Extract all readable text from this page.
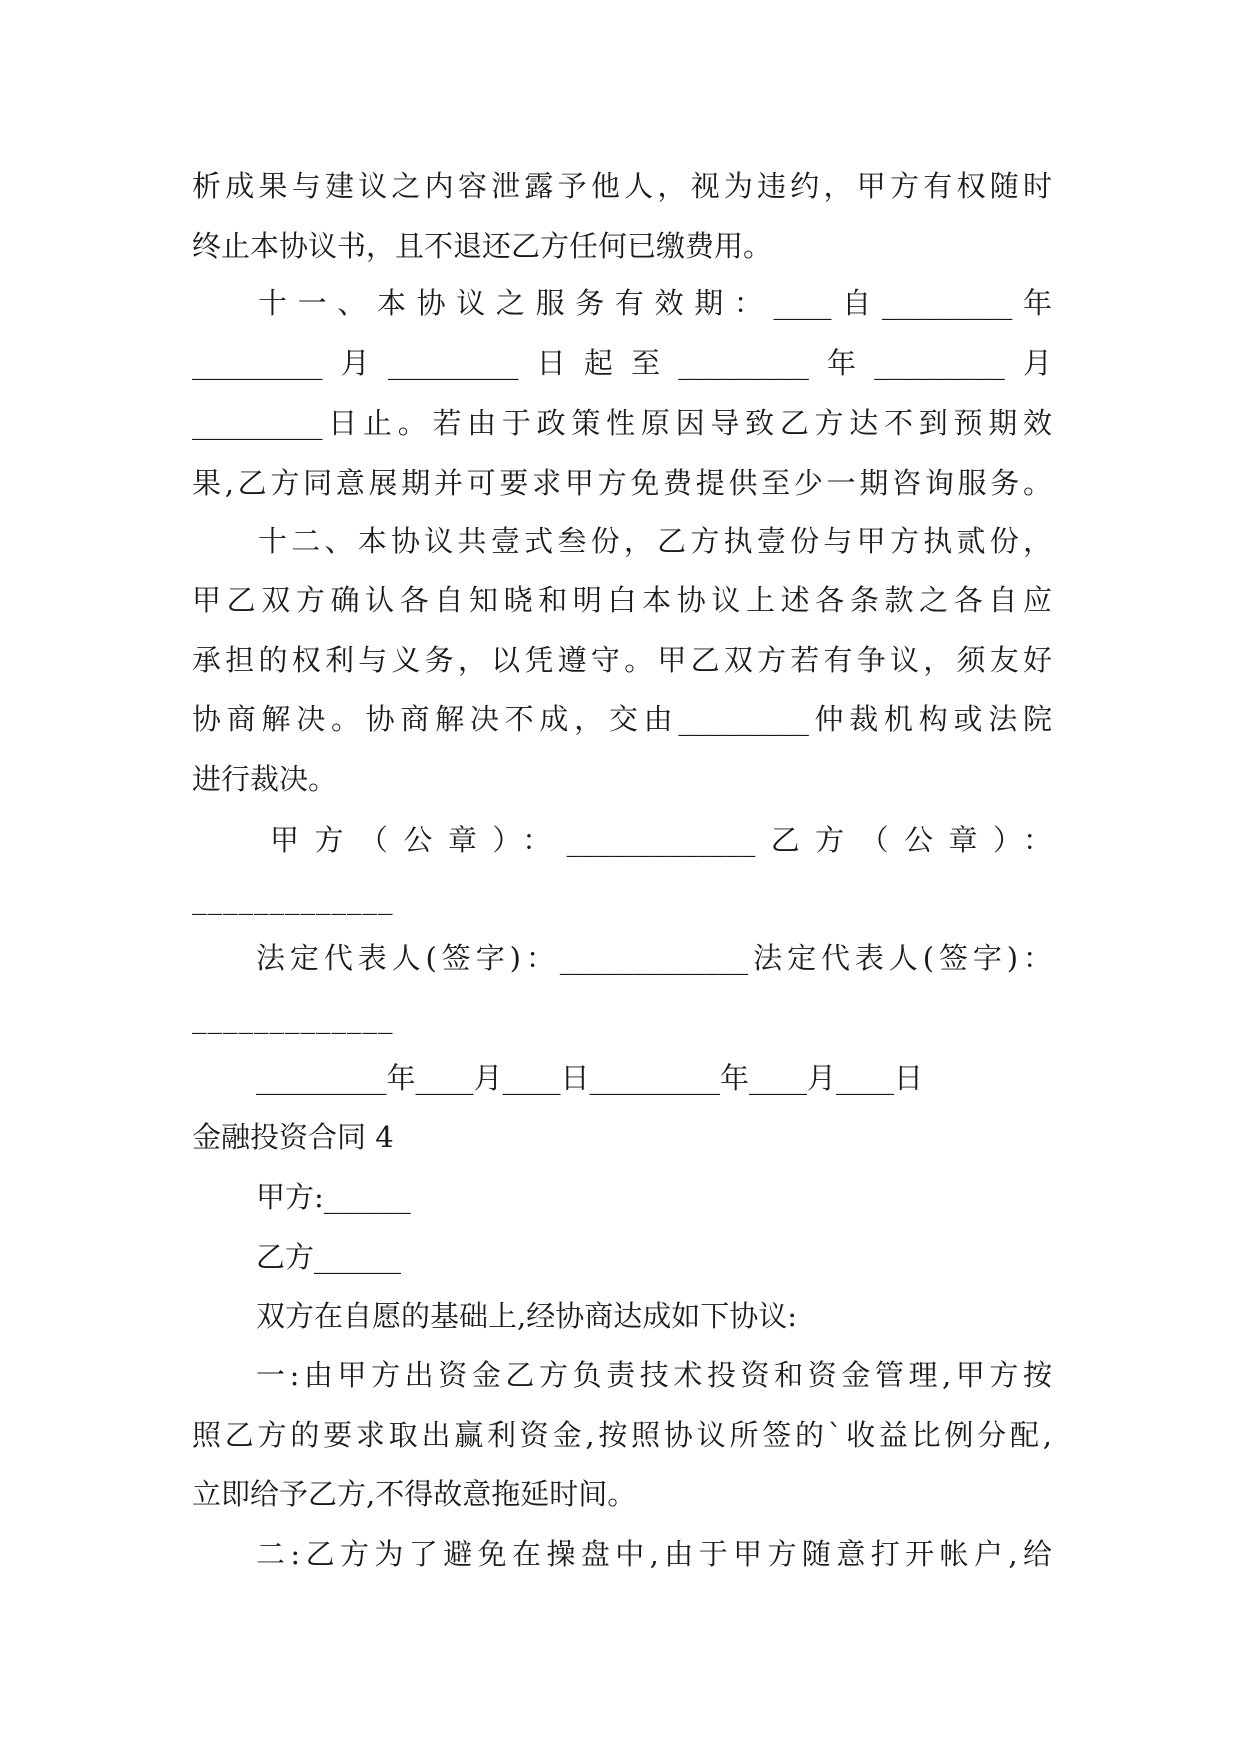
析成果与建议之内容泄露予他人，视为违约，甲方有权随时
终止本协议书，且不退还乙方任何已缴费用。
十一、本协议之服务有效期：____自_________年
_________月_________日起至_________年_________月
_________日止。若由于政策性原因导致乙方达不到预期效
果,乙方同意展期并可要求甲方免费提供至少一期咨询服务。
十二、本协议共壹式叁份，乙方执壹份与甲方执贰份，
甲乙双方确认各自知晓和明白本协议上述各条款之各自应
承担的权利与义务，以凭遵守。甲乙双方若有争议，须友好
协商解决。协商解决不成，交由_________仲裁机构或法院
进行裁决。
甲方（公章）：_____________乙方（公章）：
_____________
法定代表人(签字)：_____________法定代表人(签字)：
_____________
_________年____月____日_________年____月____日
金融投资合同 4
甲方:______
乙方______
双方在自愿的基础上,经协商达成如下协议:
一:由甲方出资金乙方负责技术投资和资金管理,甲方按
照乙方的要求取出赢利资金,按照协议所签的`收益比例分配,
立即给予乙方,不得故意拖延时间。
二:乙方为了避免在操盘中,由于甲方随意打开帐户,给
